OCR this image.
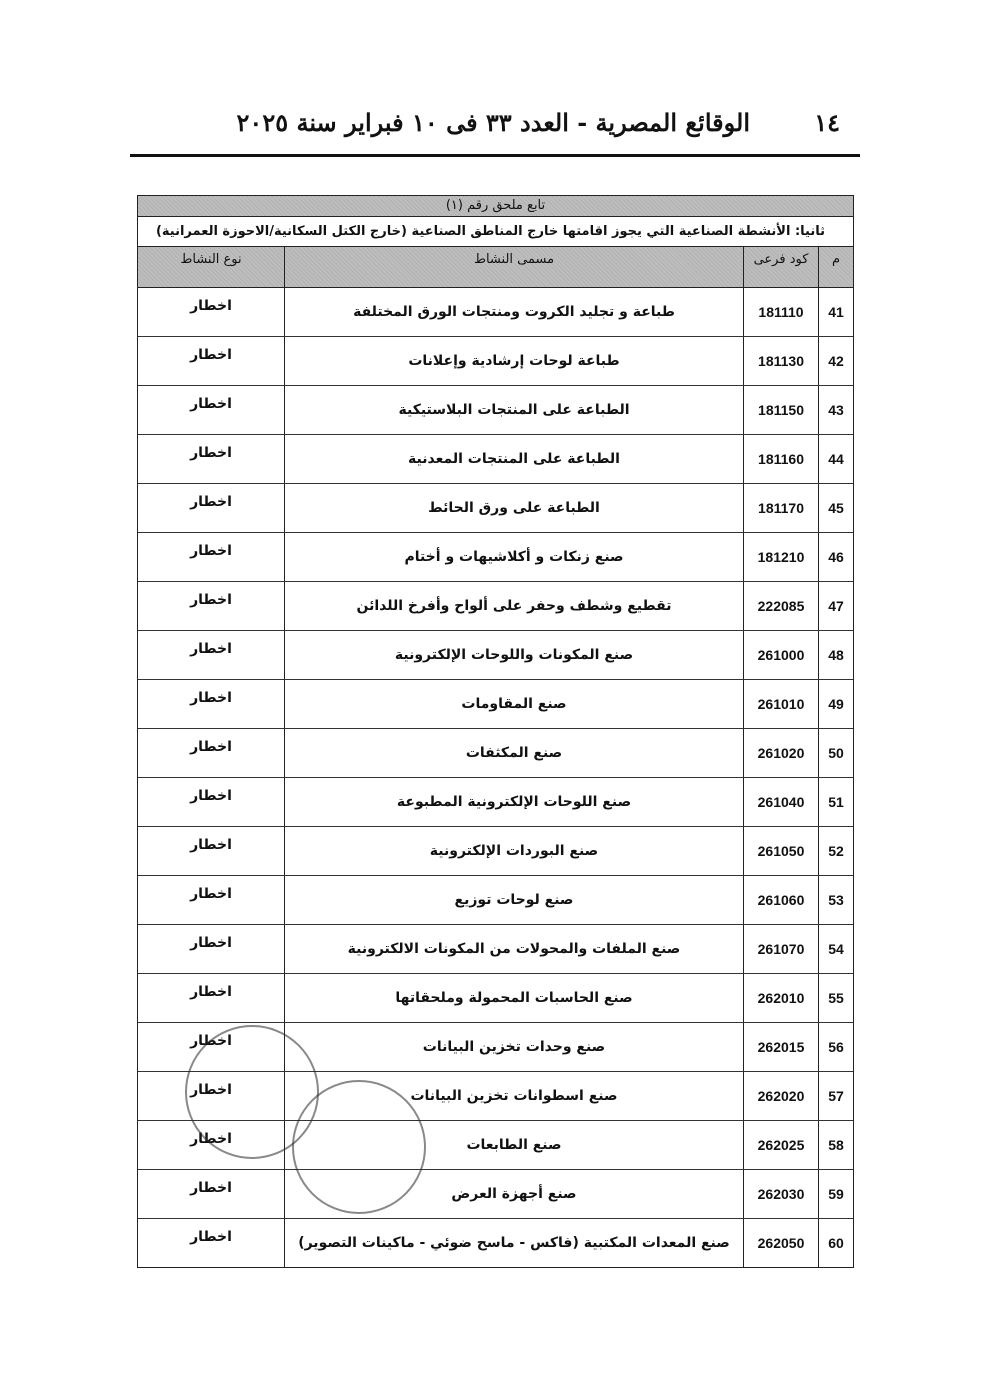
١٤
الوقائع المصرية - العدد ٣٣ فى ١٠ فبراير سنة ٢٠٢٥
تابع ملحق رقم (١)
ثانيا: الأنشطة الصناعية التي يجوز اقامتها خارج المناطق الصناعية (خارج الكتل السكانية/الاحوزة العمرانية)
م
كود فرعى
مسمى النشاط
نوع النشاط
41
181110
طباعة و تجليد الكروت ومنتجات الورق المختلفة
اخطار
42
181130
طباعة لوحات إرشادية وإعلانات
اخطار
43
181150
الطباعة على المنتجات البلاستيكية
اخطار
44
181160
الطباعة على المنتجات المعدنية
اخطار
45
181170
الطباعة على ورق الحائط
اخطار
46
181210
صنع زنكات و أكلاشيهات و أختام
اخطار
47
222085
تقطيع وشطف وحفر على ألواح وأفرخ اللدائن
اخطار
48
261000
صنع المكونات واللوحات الإلكترونية
اخطار
49
261010
صنع المقاومات
اخطار
50
261020
صنع المكثفات
اخطار
51
261040
صنع اللوحات الإلكترونية المطبوعة
اخطار
52
261050
صنع البوردات الإلكترونية
اخطار
53
261060
صنع لوحات توزيع
اخطار
54
261070
صنع الملفات والمحولات من المكونات الالكترونية
اخطار
55
262010
صنع الحاسبات المحمولة وملحقاتها
اخطار
56
262015
صنع وحدات تخزين البيانات
اخطار
57
262020
صنع اسطوانات تخزين البيانات
اخطار
58
262025
صنع الطابعات
اخطار
59
262030
صنع أجهزة العرض
اخطار
60
262050
صنع المعدات المكتبية (فاكس - ماسح ضوئي - ماكينات التصوير)
اخطار
